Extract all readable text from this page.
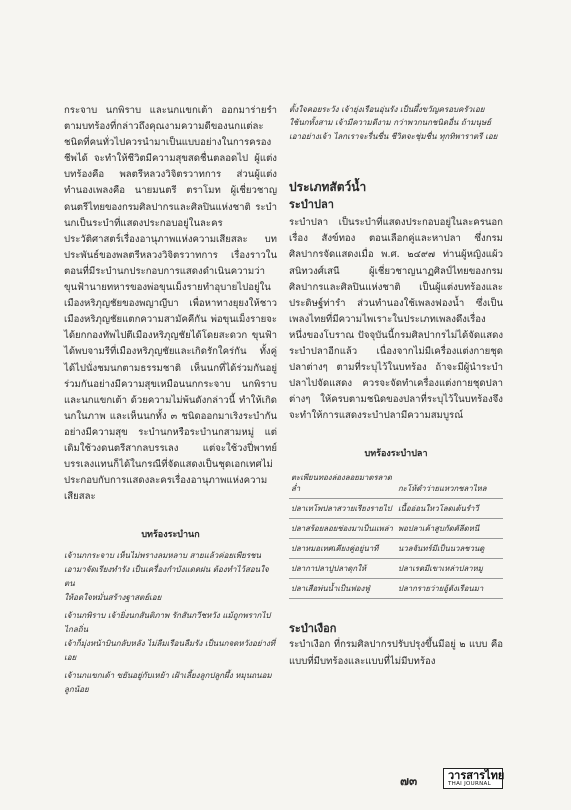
กระจาบ นกพิราบ และนกแขกเต้า ออกมาร่ายรำตามบทร้องที่กล่าวถึงคุณงามความดีของนกแต่ละชนิดที่คนทั่วไปควรนำมาเป็นแบบอย่างในการครองชีพได้ จะทำให้ชีวิตมีความสุขสดชื่นตลอดไป ผู้แต่งบทร้องคือ พลตรีหลวงวิจิตรวาทการ ส่วนผู้แต่งทำนองเพลงคือ นายมนตรี ตราโมท ผู้เชี่ยวชาญดนตรีไทยของกรมศิลปากรและศิลปินแห่งชาติ ระบำนกเป็นระบำที่แสดงประกอบอยู่ในละครประวัติศาสตร์เรื่องอานุภาพแห่งความเสียสละ บทประพันธ์ของพลตรีหลวงวิจิตรวาทการ เรื่องราวในตอนที่มีระบำนกประกอบการแสดงดำเนินความว่า ขุนฟ้านายทหารของพ่อขุนเม็งรายทำอุบายไปอยู่ในเมืองหริภุญชัยของพญาญีบา เพื่อหาทางยุยงให้ชาวเมืองหริภุญชัยแตกความสามัคคีกัน พ่อขุนเม็งรายจะได้ยกกองทัพไปตีเมืองหริภุญชัยได้โดยสะดวก ขุนฟ้าได้พบจามรีที่เมืองหริภุญชัยและเกิดรักใคร่กัน ทั้งคู่ได้ไปนั่งชมนกตามธรรมชาติ เห็นนกที่ได้ร่วมกันอยู่ร่วมกันอย่างมีความสุขเหมือนนกกระจาบ นกพิราบ และนกแขกเต้า ด้วยความไม่พ้นดังกล่าวนี้ ทำให้เกิดนกในภาพ และเห็นนกทั้ง ๓ ชนิดออกมาเริงระบำกันอย่างมีความสุข ระบำนกหรือระบำนกสามหมู่ แต่เดิมใช้วงดนตรีสากลบรรเลง แต่จะใช้วงปี่พาทย์บรรเลงแทนก็ได้ในกรณีที่จัดแสดงเป็นชุดเอกเทศไม่ประกอบกับการแสดงละครเรื่องอานุภาพแห่งความเสียสละ

บทร้องระบำนก

เจ้านกกระจาบ เห็นไม่พรางลมหลาบ สายแล้วค่อยเพียรชน

เอามาจัดเรียงทำรัง เป็นเครื่องกำบังแดดฝน ต้องทำไว้สอนใจตน

ให้อดใจหมั่นสร้างฐาสตย์เอย

เจ้านกพิราบ เจ้ายิ่งนกสันติภาพ รักสันกวีชหวัง แม้ถูกพรากไปไกลถิ่น

เจ้าก็มุ่งหน้าบินกลับหลัง ไม่ลืมเรือนลืมรัง เป็นนกจดหวังอย่างที่เอย

เจ้านกแขกเต้า ขยันอยู่กับเหย้า เฝ้าเลี้ยงลูกปลูกผึ้ง หมุนถนอมลูกน้อย

ตั้งใจคอยระวัง เจ้ายุ่งเรือนอุ่นรัง เป็นผึ้งขวัญครอบครัวเอย

ใช้นกทั้งสาม เจ้ามีความดีงาม กว่าพวกนกชนิดอื่น ถ้ามนุษย์

เอาอย่างเจ้า ไลกเราจะรื่นชื่น ชีวิตจะชุ่มชื่น ทุกทิพาราตรี เอย

ประเภทสัตว์น้ำ
ระบำปลา

ระบำปลา เป็นระบำที่แสดงประกอบอยู่ในละครนอกเรื่อง สังข์ทอง ตอนเลือกคู่และหาปลา ซึ่งกรมศิลปากรจัดแสดงเมื่อ พ.ศ. ๒๔๙๗ ท่านผู้หญิงแผ้ว สนิทวงศ์เสนี ผู้เชี่ยวชาญนาฏศิลป์ไทยของกรมศิลปากรและศิลปินแห่งชาติ เป็นผู้แต่งบทร้องและประดิษฐ์ท่ารำ ส่วนทำนองใช้เพลงฟองน้ำ ซึ่งเป็นเพลงไทยที่มีความไพเราะในประเภทเพลงดึงเรื่องหนึ่งของโบราณ ปัจจุบันนี้กรมศิลปากรไม่ได้จัดแสดงระบำปลาอีกแล้ว เนื่องจากไม่มีเครื่องแต่งกายชุดปลาต่างๆ ตามที่ระบุไว้ในบทร้อง ถ้าจะมีผู้นำระบำปลาไปจัดแสดง ควรจะจัดทำเครื่องแต่งกายชุดปลาต่างๆ ให้ครบตามชนิดของปลาที่ระบุไว้ในบทร้องจึงจะทำให้การแสดงระบำปลามีความสมบูรณ์

บทร้องระบำปลา
ตะเพียนทองล่องลอยมาตรลาดล่ำ	กะโห้ดำว่ายแหวกชลาไหล
ปลาเทโพปลาสวายเรียงรายไป	เนื้ออ่อนใหวโลดเต้นรำวี
ปลาสร้อยลอยช่องมาเป็นแพล่า	พอปลาเค้าสูบกัดคัลีดหนี
ปลาหมอเทศเคียงคู่อยู่นาที	นวลจันทร์มีเป็นนวลชวนดู
ปลากาปลาปูปลาดุกให้	ปลาเรดมีเขาเหล่าปลาหมู
ปลาเสือพ่นน้ำเป็นฟองฟู่	ปลากรายว่ายอู้ดังเรือนมา
ระบำเงือก

ระบำเงือก ที่กรมศิลปากรปรับปรุงขึ้นมีอยู่ ๒ แบบ คือ แบบที่มีบทร้องและแบบที่ไม่มีบทร้อง

๗๓	วารสารไทย
THAI JOURNAL
